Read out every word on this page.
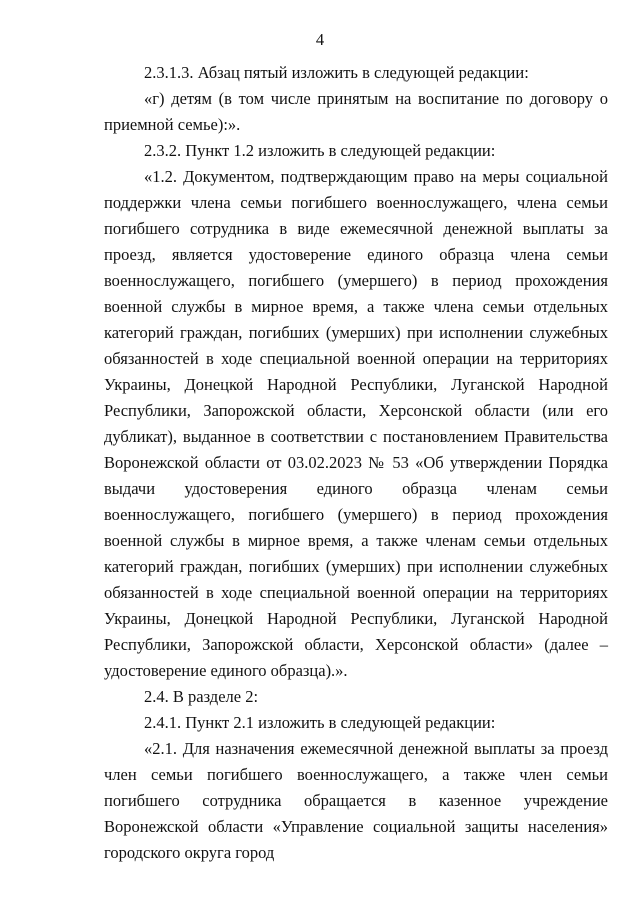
4

2.3.1.3. Абзац пятый изложить в следующей редакции:

«г) детям (в том числе принятым на воспитание по договору о приемной семье):».

2.3.2. Пункт 1.2 изложить в следующей редакции:

«1.2. Документом, подтверждающим право на меры социальной поддержки члена семьи погибшего военнослужащего, члена семьи погибшего сотрудника в виде ежемесячной денежной выплаты за проезд, является удостоверение единого образца члена семьи военнослужащего, погибшего (умершего) в период прохождения военной службы в мирное время, а также члена семьи отдельных категорий граждан, погибших (умерших) при исполнении служебных обязанностей в ходе специальной военной операции на территориях Украины, Донецкой Народной Республики, Луганской Народной Республики, Запорожской области, Херсонской области (или его дубликат), выданное в соответствии с постановлением Правительства Воронежской области от 03.02.2023 № 53 «Об утверждении Порядка выдачи удостоверения единого образца членам семьи военнослужащего, погибшего (умершего) в период прохождения военной службы в мирное время, а также членам семьи отдельных категорий граждан, погибших (умерших) при исполнении служебных обязанностей в ходе специальной военной операции на территориях Украины, Донецкой Народной Республики, Луганской Народной Республики, Запорожской области, Херсонской области» (далее – удостоверение единого образца).».

2.4. В разделе 2:

2.4.1. Пункт 2.1 изложить в следующей редакции:

«2.1. Для назначения ежемесячной денежной выплаты за проезд член семьи погибшего военнослужащего, а также член семьи погибшего сотрудника обращается в казенное учреждение Воронежской области «Управление социальной защиты населения» городского округа город
